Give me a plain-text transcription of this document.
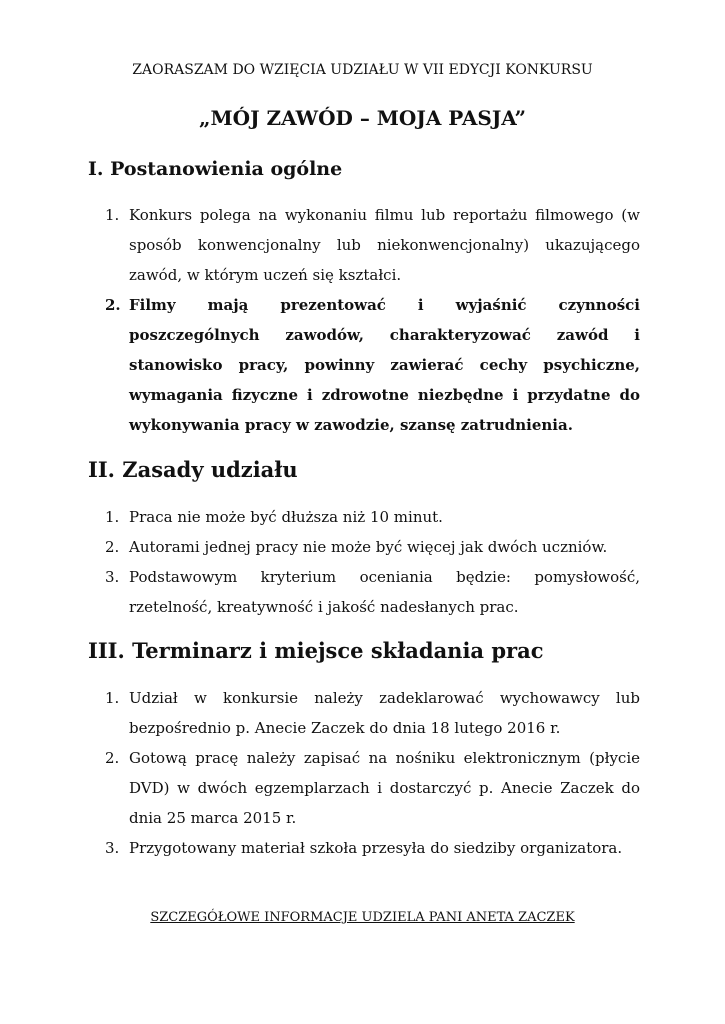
ZAORASZAM DO WZIĘCIA UDZIAŁU W VII EDYCJI KONKURSU
„MÓJ ZAWÓD – MOJA PASJA”
I. Postanowienia ogólne
1. Konkurs polega na wykonaniu filmu lub reportażu filmowego (w sposób konwencjonalny lub niekonwencjonalny) ukazującego zawód, w którym uczeń się kształci.
2. Filmy mają prezentować i wyjaśnić czynności poszczególnych zawodów, charakteryzować zawód i stanowisko pracy, powinny zawierać cechy psychiczne, wymagania fizyczne i zdrowotne niezbędne i przydatne do wykonywania pracy w zawodzie, szansę zatrudnienia.
II. Zasady udziału
1. Praca nie może być dłuższa niż 10 minut.
2. Autorami jednej pracy nie może być więcej jak dwóch uczniów.
3. Podstawowym kryterium oceniania będzie: pomysłowość, rzetelność, kreatywność i jakość nadesłanych prac.
III. Terminarz i miejsce składania prac
1. Udział w konkursie należy zadeklarować wychowawcy lub bezpośrednio p. Anecie Zaczek do dnia 18 lutego 2016 r.
2. Gotową pracę należy zapisać na nośniku elektronicznym (płycie DVD) w dwóch egzemplarzach i dostarczyć p. Anecie Zaczek do dnia 25 marca 2015 r.
3. Przygotowany materiał szkoła przesyła do siedziby organizatora.
SZCZEGÓŁOWE INFORMACJE UDZIELA PANI ANETA ZACZEK
